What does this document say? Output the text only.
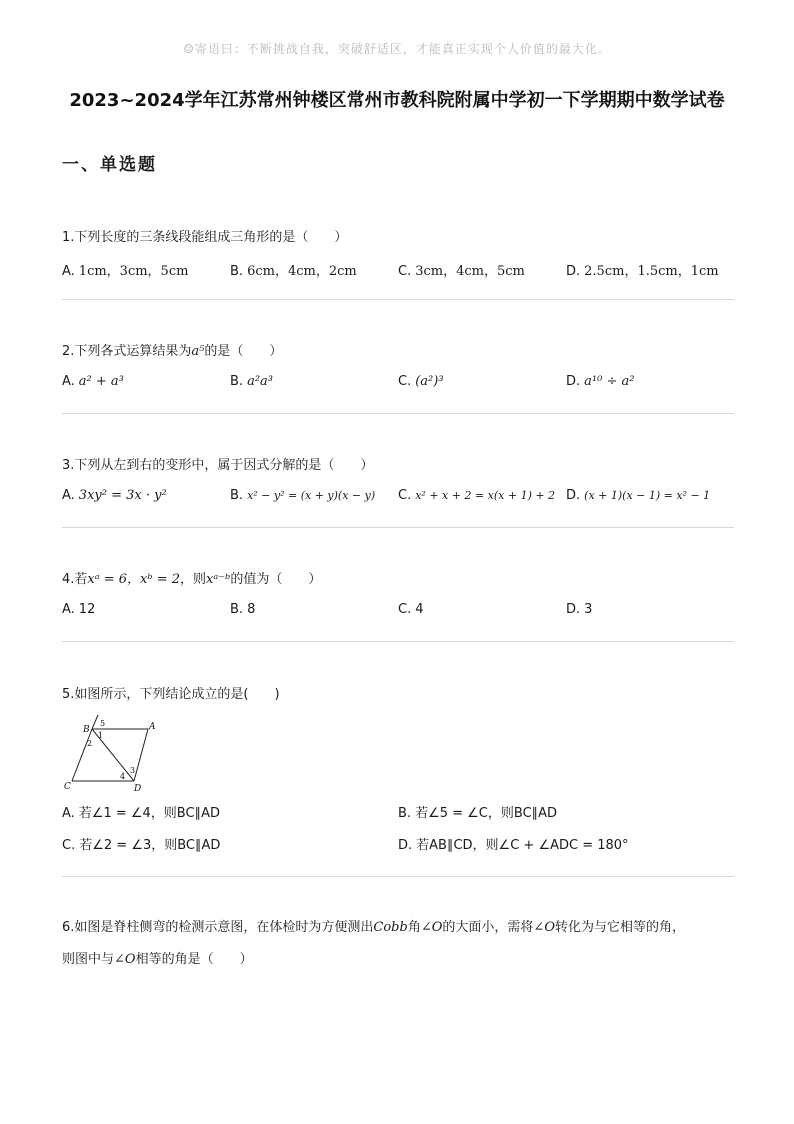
☺寄语曰：不断挑战自我，突破舒适区，才能真正实现个人价值的最大化。
2023~2024学年江苏常州钟楼区常州市教科院附属中学初一下学期期中数学试卷
一、单选题
1.下列长度的三条线段能组成三角形的是（　　）
A. 1cm，3cm，5cm	B. 6cm，4cm，2cm	C. 3cm，4cm，5cm	D. 2.5cm，1.5cm，1cm
2.下列各式运算结果为a⁵的是（　　）
A. a² + a³	B. a²a³	C. (a²)³	D. a¹⁰ ÷ a²
3.下列从左到右的变形中，属于因式分解的是（　　）
A. 3xy² = 3x · y²	B. x² − y² = (x + y)(x − y)	C. x² + x + 2 = x(x + 1) + 2 D. (x + 1)(x − 1) = x² − 1
4.若xᵃ = 6，xᵇ = 2，则xᵃ⁻ᵇ的值为（　　）
A. 12	B. 8	C. 4	D. 3
5.如图所示，下列结论成立的是(　　)
B	A
C	D
5
1
2
3
4
A. 若∠1 = ∠4，则BC∥AD	B. 若∠5 = ∠C，则BC∥AD
C. 若∠2 = ∠3，则BC∥AD	D. 若AB∥CD，则∠C + ∠ADC = 180°
6.如图是脊柱侧弯的检测示意图，在体检时为方便测出Cobb角∠O的大面小，需将∠O转化为与它相等的角，
则图中与∠O相等的角是（　　）
